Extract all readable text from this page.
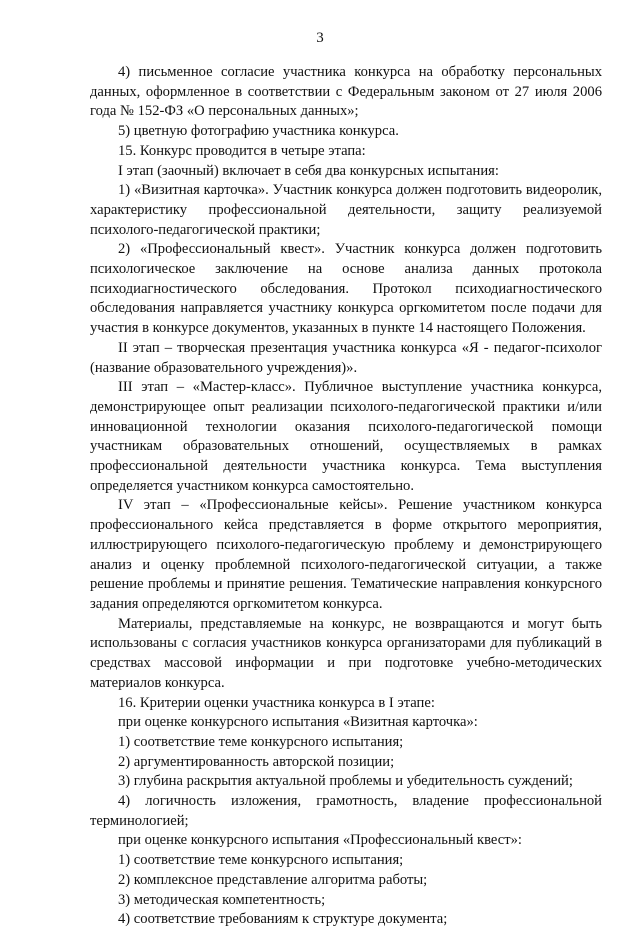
3

4) письменное согласие участника конкурса на обработку персональных данных, оформленное в соответствии с Федеральным законом от 27 июля 2006 года № 152-ФЗ «О персональных данных»;

5) цветную фотографию участника конкурса.

15. Конкурс проводится в четыре этапа:

I этап (заочный) включает в себя два конкурсных испытания:

1) «Визитная карточка». Участник конкурса должен подготовить видеоролик, характеристику профессиональной деятельности, защиту реализуемой психолого-педагогической практики;

2) «Профессиональный квест». Участник конкурса должен подготовить психологическое заключение на основе анализа данных протокола психодиагностического обследования. Протокол психодиагностического обследования направляется участнику конкурса оргкомитетом после подачи для участия в конкурсе документов, указанных в пункте 14 настоящего Положения.

II этап – творческая презентация участника конкурса «Я - педагог-психолог (название образовательного учреждения)».

III этап – «Мастер-класс». Публичное выступление участника конкурса, демонстрирующее опыт реализации психолого-педагогической практики и/или инновационной технологии оказания психолого-педагогической помощи участникам образовательных отношений, осуществляемых в рамках профессиональной деятельности участника конкурса. Тема выступления определяется участником конкурса самостоятельно.

IV этап – «Профессиональные кейсы». Решение участником конкурса профессионального кейса представляется в форме открытого мероприятия, иллюстрирующего психолого-педагогическую проблему и демонстрирующего анализ и оценку проблемной психолого-педагогической ситуации, а также решение проблемы и принятие решения. Тематические направления конкурсного задания определяются оргкомитетом конкурса.

Материалы, представляемые на конкурс, не возвращаются и могут быть использованы с согласия участников конкурса организаторами для публикаций в средствах массовой информации и при подготовке учебно-методических материалов конкурса.

16. Критерии оценки участника конкурса в I этапе:

при оценке конкурсного испытания «Визитная карточка»:

1) соответствие теме конкурсного испытания;

2) аргументированность авторской позиции;

3) глубина раскрытия актуальной проблемы и убедительность суждений;

4) логичность изложения, грамотность, владение профессиональной терминологией;

при оценке конкурсного испытания «Профессиональный квест»:

1) соответствие теме конкурсного испытания;

2) комплексное представление алгоритма работы;

3) методическая компетентность;

4) соответствие требованиям к структуре документа;
